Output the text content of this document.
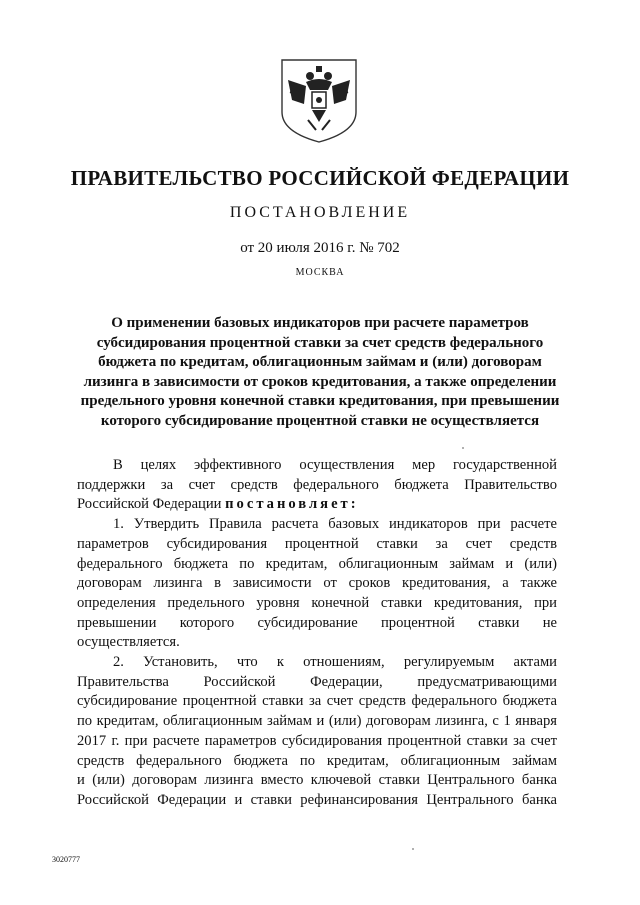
ПРАВИТЕЛЬСТВО РОССИЙСКОЙ ФЕДЕРАЦИИ
ПОСТАНОВЛЕНИЕ
от 20 июля 2016 г. № 702
МОСКВА
О применении базовых индикаторов при расчете параметров
субсидирования процентной ставки за счет средств федерального
бюджета по кредитам, облигационным займам и (или) договорам
лизинга в зависимости от сроков кредитования, а также определении
предельного уровня конечной ставки кредитования, при превышении
которого субсидирование процентной ставки не осуществляется
В целях эффективного осуществления мер государственной
поддержки за счет средств федерального бюджета Правительство
Российской Федерации постановляет:
1. Утвердить Правила расчета базовых индикаторов при расчете
параметров субсидирования процентной ставки за счет средств
федерального бюджета по кредитам, облигационным займам и (или)
договорам лизинга в зависимости от сроков кредитования, а также
определения предельного уровня конечной ставки кредитования, при
превышении которого субсидирование процентной ставки не
осуществляется.
2. Установить, что к отношениям, регулируемым актами
Правительства Российской Федерации, предусматривающими
субсидирование процентной ставки за счет средств федерального бюджета
по кредитам, облигационным займам и (или) договорам лизинга, с 1 января
2017 г. при расчете параметров субсидирования процентной ставки за счет
средств федерального бюджета по кредитам, облигационным займам
и (или) договорам лизинга вместо ключевой ставки Центрального банка
Российской Федерации и ставки рефинансирования Центрального банка
3020777
